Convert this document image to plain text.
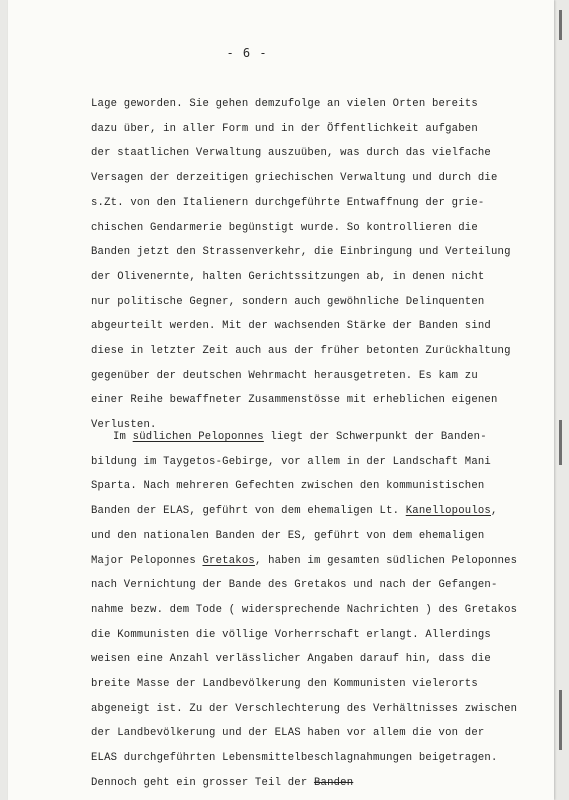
- 6 -
Lage geworden. Sie gehen demzufolge an vielen Orten bereits
dazu über, in aller Form und in der Öffentlichkeit aufgaben
der staatlichen Verwaltung auszuüben, was durch das vielfache
Versagen der derzeitigen griechischen Verwaltung und durch die
s.Zt. von den Italienern durchgeführte Entwaffnung der grie-
chischen Gendarmerie begünstigt wurde. So kontrollieren die
Banden jetzt den Strassenverkehr, die Einbringung und Verteilung
der Olivenernte, halten Gerichtssitzungen ab, in denen nicht
nur politische Gegner, sondern auch gewöhnliche Delinquenten
abgeurteilt werden. Mit der wachsenden Stärke der Banden sind
diese in letzter Zeit auch aus der früher betonten Zurückhaltung
gegenüber der deutschen Wehrmacht herausgetreten. Es kam zu
einer Reihe bewaffneter Zusammenstösse mit erheblichen eigenen
Verlusten.
Im südlichen Peloponnes liegt der Schwerpunkt der Banden-
bildung im Taygetos-Gebirge, vor allem in der Landschaft Mani
Sparta. Nach mehreren Gefechten zwischen den kommunistischen
Banden der ELAS, geführt von dem ehemaligen Lt. Kanellopoulos,
und den nationalen Banden der ES, geführt von dem ehemaligen
Major Peloponnes Gretakos, haben im gesamten südlichen Peloponnes
nach Vernichtung der Bande des Gretakos und nach der Gefangen-
nahme bezw. dem Tode ( widersprechende Nachrichten ) des Gretakos
die Kommunisten die völlige Vorherrschaft erlangt. Allerdings
weisen eine Anzahl verlässlicher Angaben darauf hin, dass die
breite Masse der Landbevölkerung den Kommunisten vielerorts
abgeneigt ist. Zu der Verschlechterung des Verhältnisses zwischen
der Landbevölkerung und der ELAS haben vor allem die von der
ELAS durchgeführten Lebensmittelbeschlagnahmungen beigetragen.
Dennoch geht ein grosser Teil der Banden
